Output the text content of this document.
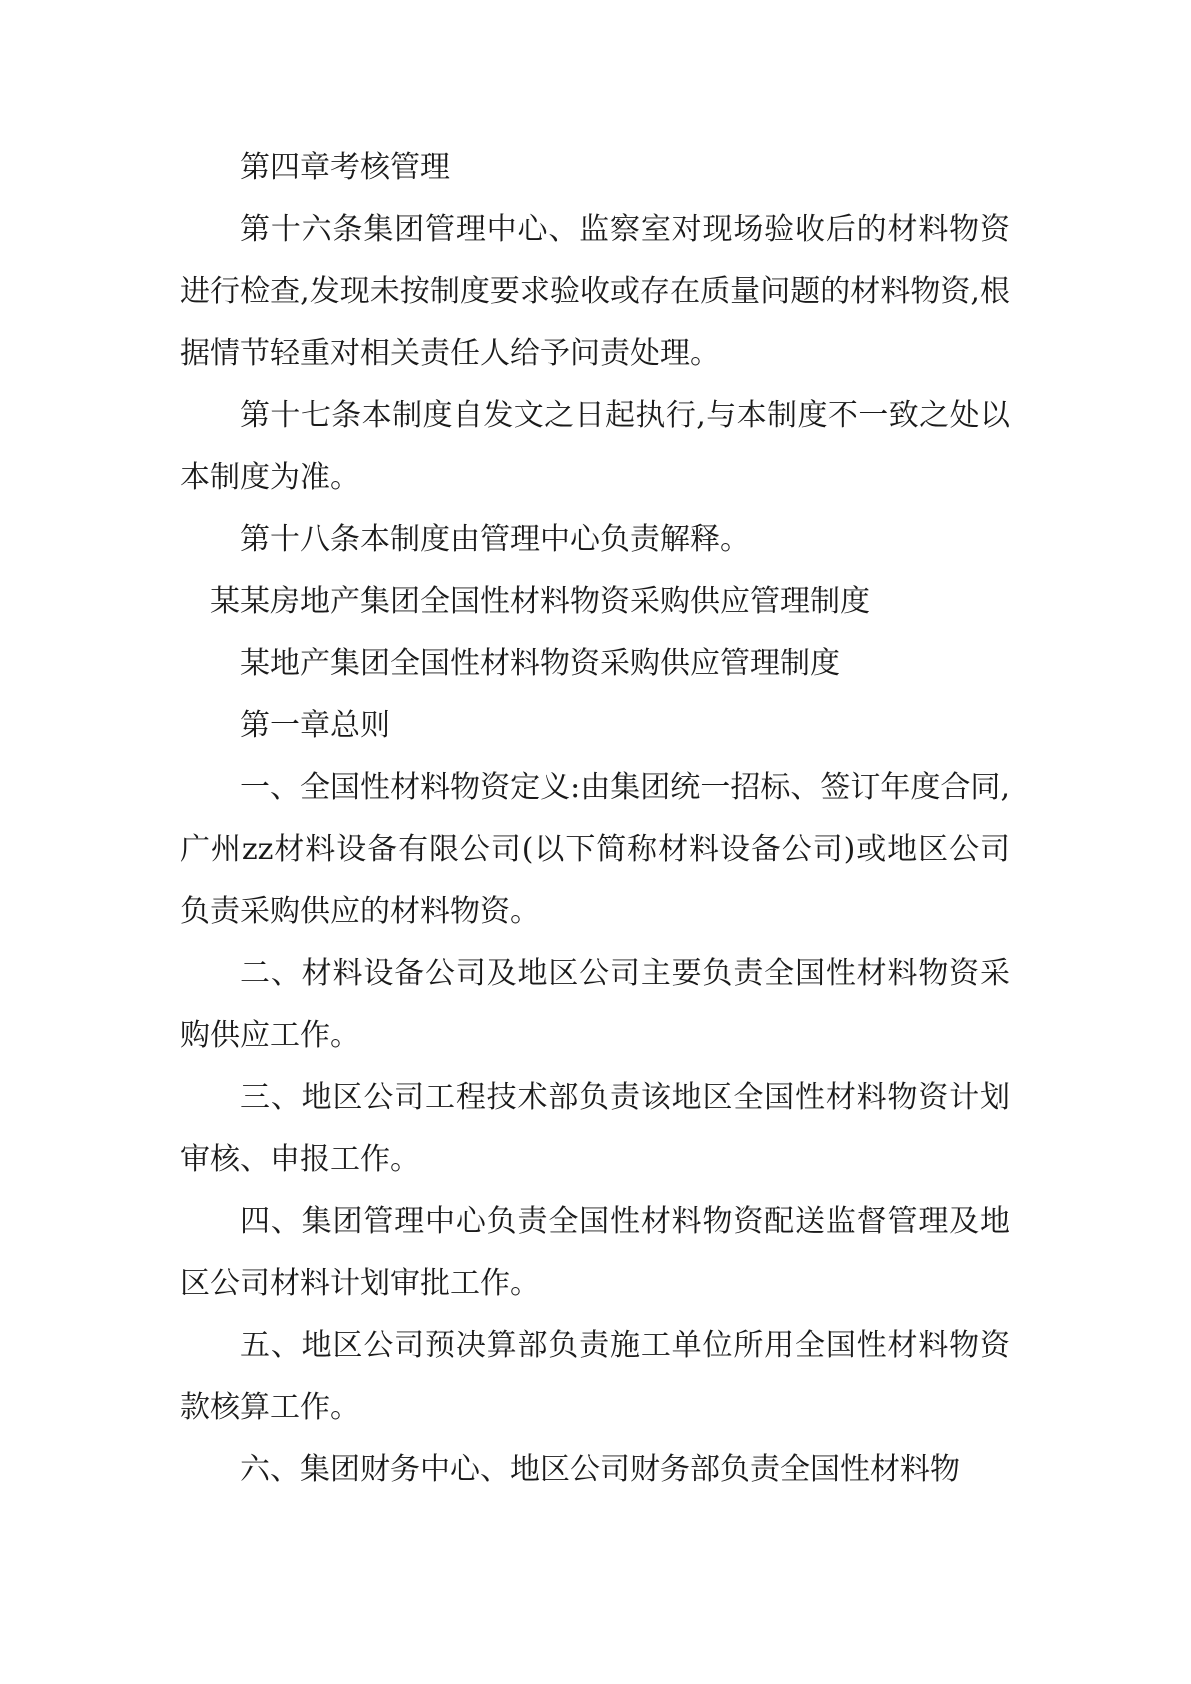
第四章考核管理

第十六条集团管理中心、监察室对现场验收后的材料物资进行检查,发现未按制度要求验收或存在质量问题的材料物资,根据情节轻重对相关责任人给予问责处理。

第十七条本制度自发文之日起执行,与本制度不一致之处以本制度为准。

第十八条本制度由管理中心负责解释。

某某房地产集团全国性材料物资采购供应管理制度

某地产集团全国性材料物资采购供应管理制度

第一章总则

一、全国性材料物资定义:由集团统一招标、签订年度合同,广州zz材料设备有限公司(以下简称材料设备公司)或地区公司负责采购供应的材料物资。

二、材料设备公司及地区公司主要负责全国性材料物资采购供应工作。

三、地区公司工程技术部负责该地区全国性材料物资计划审核、申报工作。

四、集团管理中心负责全国性材料物资配送监督管理及地区公司材料计划审批工作。

五、地区公司预决算部负责施工单位所用全国性材料物资款核算工作。

六、集团财务中心、地区公司财务部负责全国性材料物
